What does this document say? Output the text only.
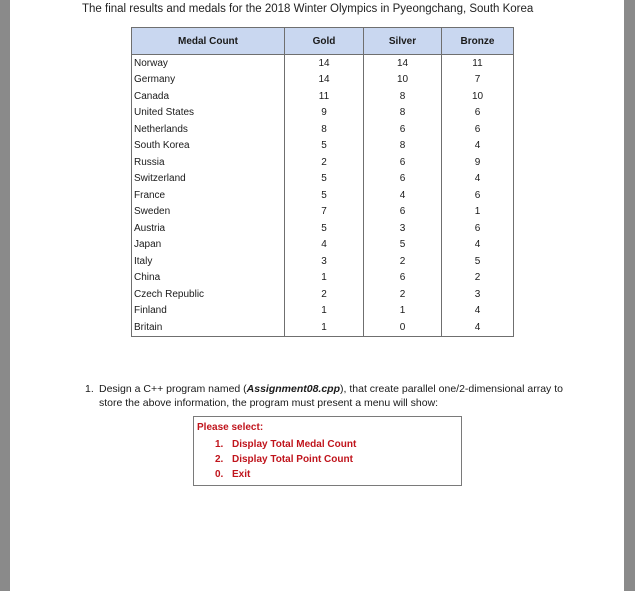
The final results and medals for the 2018 Winter Olympics in Pyeongchang, South Korea
Medal Count	Gold	Silver	Bronze
Norway	14	14	11
Germany	14	10	7
Canada	11	8	10
United States	9	8	6
Netherlands	8	6	6
South Korea	5	8	4
Russia	2	6	9
Switzerland	5	6	4
France	5	4	6
Sweden	7	6	1
Austria	5	3	6
Japan	4	5	4
Italy	3	2	5
China	1	6	2
Czech Republic	2	2	3
Finland	1	1	4
Britain	1	0	4
1. Design a C++ program named (Assignment08.cpp), that create parallel one/2-dimensional array to store the above information, the program must present a menu will show:
Please select:
1. Display Total Medal Count
2. Display Total Point Count
0. Exit
